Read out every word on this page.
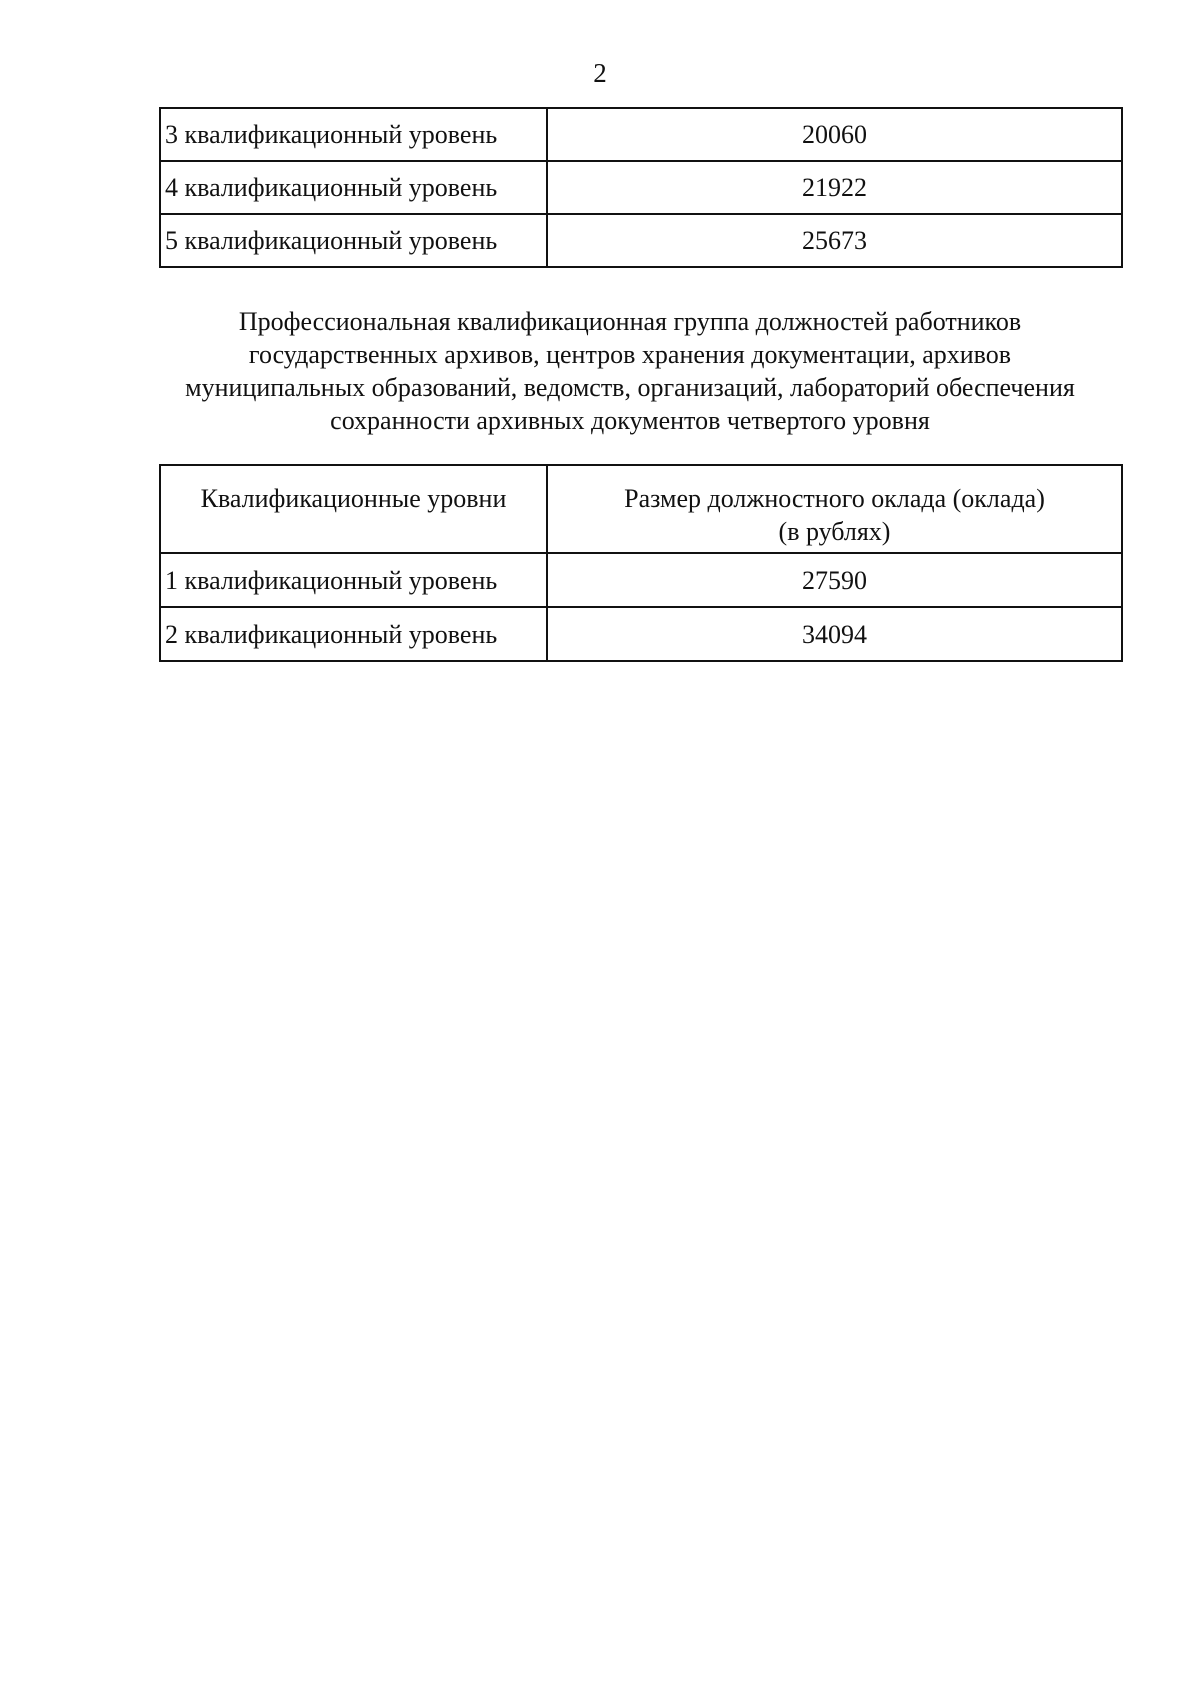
2
3 квалификационный уровень	20060
4 квалификационный уровень	21922
5 квалификационный уровень	25673
Профессиональная квалификационная группа должностей работников
государственных архивов, центров хранения документации, архивов
муниципальных образований, ведомств, организаций, лабораторий обеспечения
сохранности архивных документов четвертого уровня
Квалификационные уровни	Размер должностного оклада (оклада)
(в рублях)

1 квалификационный уровень	27590
2 квалификационный уровень	34094
